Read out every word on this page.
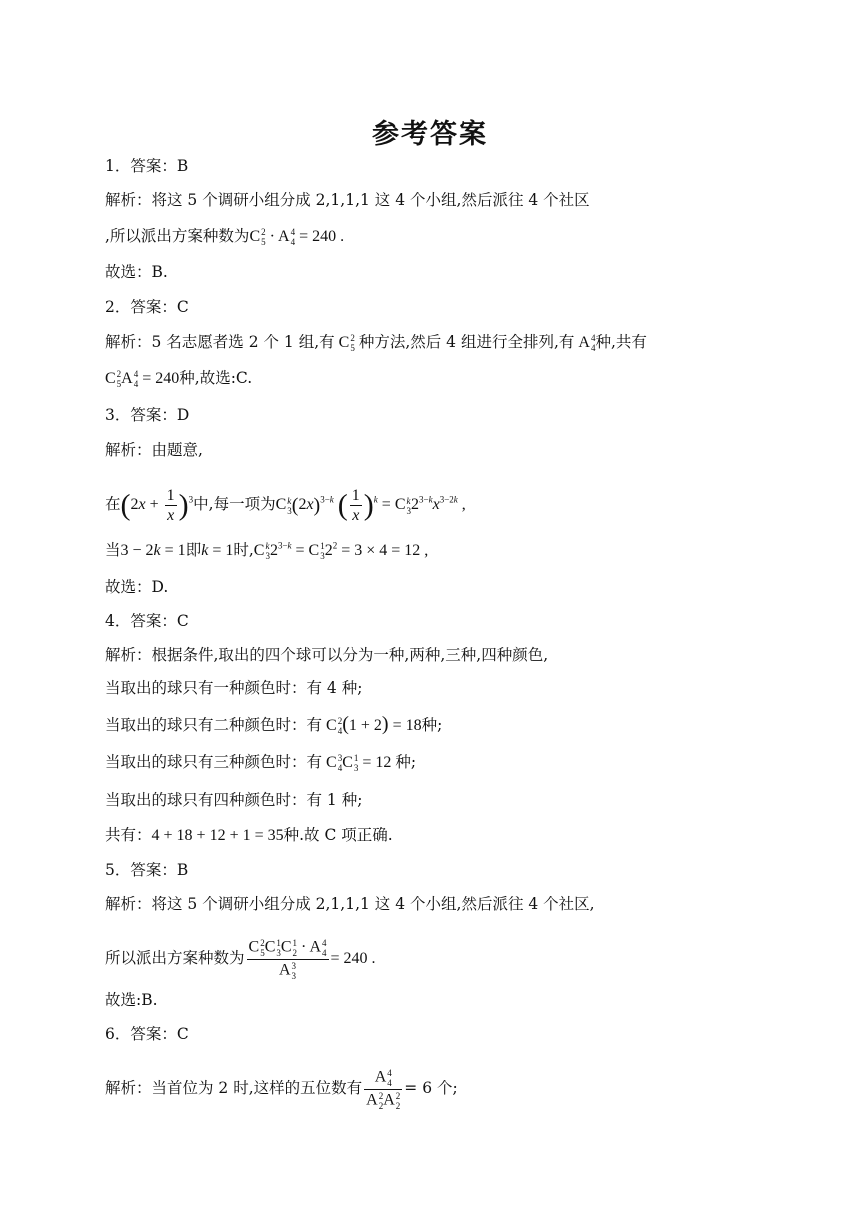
参考答案
1．答案：B
解析：将这 5 个调研小组分成 2,1,1,1 这 4 个小组,然后派往 4 个社区
,所以派出方案种数为C 2
5 · A 4
4 = 240 .
故选：B.
2．答案：C
解析：5 名志愿者选 2 个 1 组,有 C 2
5 种方法,然后 4 组进行全排列,有 A 4
4 种,共有
C 2
5 A 4
4 = 240种,故选:C.
3．答案：D
解析：由题意,
在$(2x + \frac{1}{x} )^3$中,每一项为C k
3 $(2x)^{3-k}$ ( $\frac{1}{x} )^k = C$ k
3 $2^{3-k}x^{3-2k}$ ,
当3 − 2k = 1即k = 1时,C k
3 $2^{3-k} = C$ 1
3 $2^2 = 3 \times 4 = 12$ ,
故选：D.
4．答案：C
解析：根据条件,取出的四个球可以分为一种,两种,三种,四种颜色,
当取出的球只有一种颜色时：有 4 种;
当取出的球只有二种颜色时：有 C 2
4 (1 + 2) = 18种;
当取出的球只有三种颜色时：有 C 3
4 C 1
3 = 12 种;
当取出的球只有四种颜色时：有 1 种;
共有：4 + 18 + 12 + 1 = 35种.故 C 项正确.
5．答案：B
解析：将这 5 个调研小组分成 2,1,1,1 这 4 个小组,然后派往 4 个社区,
所以派出方案种数为 C 2
5 C 1
3 C 1
2 · A 4
4
A 3
3 = 240 .
故选:B.
6．答案：C
解析：当首位为 2 时,这样的五位数有 A 4
4
A 2
2 A 2
2 = 6 个;
